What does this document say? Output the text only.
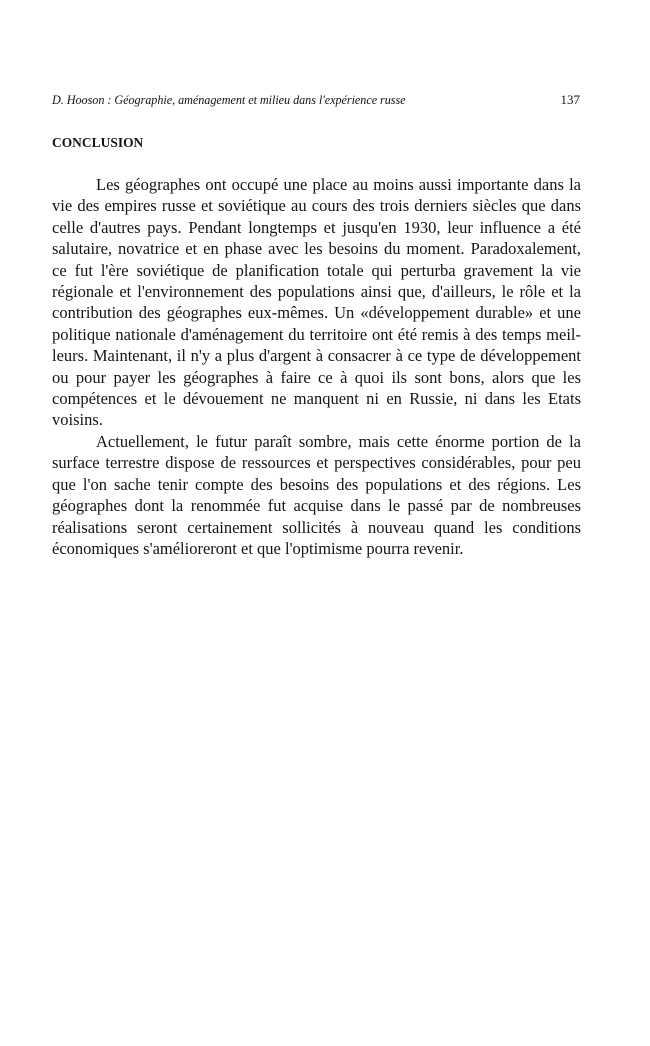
D. Hooson : Géographie, aménagement et milieu dans l'expérience russe	137
CONCLUSION

Les géographes ont occupé une place au moins aussi importante dans la vie des empires russe et soviétique au cours des trois derniers siècles que dans celle d'autres pays. Pendant longtemps et jusqu'en 1930, leur influence a été salutaire, novatrice et en phase avec les besoins du moment. Paradoxalement, ce fut l'ère soviétique de planification totale qui perturba gravement la vie régionale et l'environnement des populations ainsi que, d'ailleurs, le rôle et la contribution des géographes eux-mêmes. Un «développement durable» et une politique nationale d'aménagement du territoire ont été remis à des temps meilleurs. Maintenant, il n'y a plus d'argent à consacrer à ce type de développement ou pour payer les géographes à faire ce à quoi ils sont bons, alors que les compétences et le dévouement ne manquent ni en Russie, ni dans les Etats voisins.

Actuellement, le futur paraît sombre, mais cette énorme portion de la surface terrestre dispose de ressources et perspectives considérables, pour peu que l'on sache tenir compte des besoins des populations et des régions. Les géographes dont la renommée fut acquise dans le passé par de nombreuses réalisations seront certainement sollicités à nouveau quand les conditions économiques s'amélioreront et que l'optimisme pourra revenir.
